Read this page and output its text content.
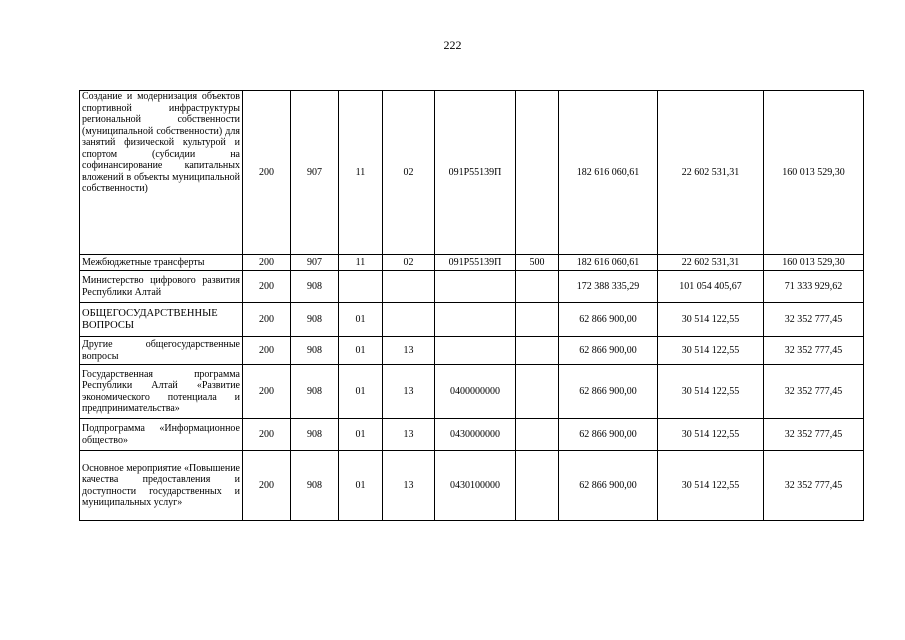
222
Создание и модернизация объектов спортивной инфраструктуры региональной собственности (муниципальной собственности) для занятий физической культурой и спортом (субсидии на софинансирование капитальных вложений в объекты муниципальной собственности)	200	907	11	02	091P55139П		182 616 060,61	22 602 531,31	160 013 529,30
Межбюджетные трансферты	200	907	11	02	091P55139П	500	182 616 060,61	22 602 531,31	160 013 529,30
Министерство цифрового развития Республики Алтай	200	908					172 388 335,29	101 054 405,67	71 333 929,62
ОБЩЕГОСУДАРСТВЕННЫЕ ВОПРОСЫ	200	908	01				62 866 900,00	30 514 122,55	32 352 777,45
Другие общегосударственные вопросы	200	908	01	13			62 866 900,00	30 514 122,55	32 352 777,45
Государственная программа Республики Алтай «Развитие экономического потенциала и предпринимательства»	200	908	01	13	0400000000		62 866 900,00	30 514 122,55	32 352 777,45
Подпрограмма «Информационное общество»	200	908	01	13	0430000000		62 866 900,00	30 514 122,55	32 352 777,45
Основное мероприятие «Повышение качества предоставления и доступности государственных и муниципальных услуг»	200	908	01	13	0430100000		62 866 900,00	30 514 122,55	32 352 777,45
